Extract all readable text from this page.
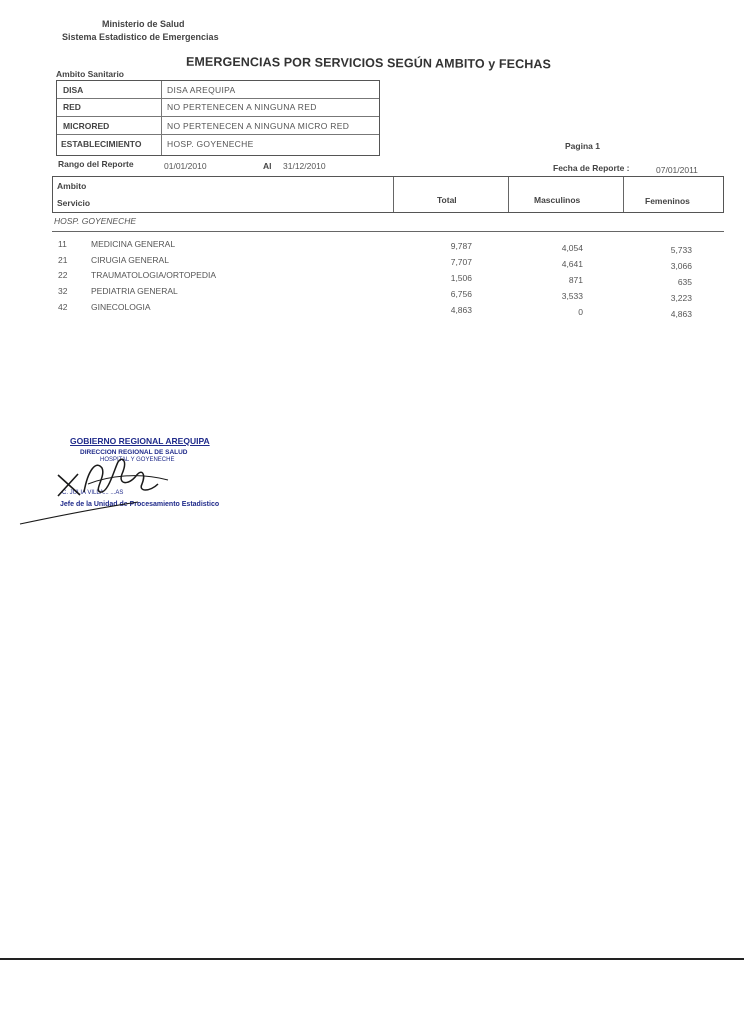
Ministerio de Salud
Sistema Estadistico de Emergencias
EMERGENCIAS POR SERVICIOS SEGÚN AMBITO y FECHAS
Ambito Sanitario
DISA	DISA AREQUIPA
RED	NO PERTENECEN A NINGUNA RED
MICRORED	NO PERTENECEN A NINGUNA MICRO RED
ESTABLECIMIENTO	HOSP. GOYENECHE	Pagina 1
Rango del Reporte	01/01/2010	Al 31/12/2010	Fecha de Reporte :	07/01/2011
Ambito
Servicio	Total	Masculinos	Femeninos
HOSP. GOYENECHE
11	MEDICINA GENERAL	9,787	4,054	5,733
21	CIRUGIA GENERAL	7,707	4,641	3,066
22	TRAUMATOLOGIA/ORTOPEDIA	1,506	871	635
32	PEDIATRIA GENERAL	6,756	3,533	3,223
42	GINECOLOGIA	4,863	0	4,863
GOBIERNO REGIONAL AREQUIPA
DIRECCION REGIONAL DE SALUD
HOSPITAL Y GOYENECHE
C. JULIA VILLA... ...AS
Jefe de la Unidad de Procesamiento Estadistico
